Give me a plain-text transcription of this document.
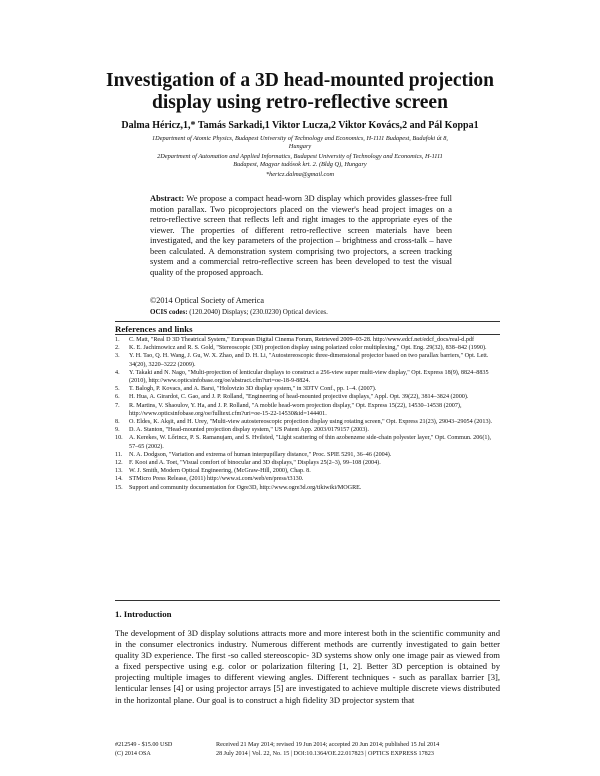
Investigation of a 3D head-mounted projection
display using retro-reflective screen
Dalma Héricz,1,* Tamás Sarkadi,1 Viktor Lucza,2 Viktor Kovács,2 and Pál Koppa1
1Department of Atomic Physics, Budapest University of Technology and Economics, H-1111 Budapest, Budafoki út 8,
Hungary
2Department of Automation and Applied Informatics, Budapest University of Technology and Economics, H-1111
Budapest, Magyar tudósok krt. 2. (Bldg Q), Hungary
*hericz.dalma@gmail.com
Abstract: We propose a compact head-worn 3D display which provides glasses-free full motion parallax. Two picoprojectors placed on the viewer's head project images on a retro-reflective screen that reflects left and right images to the appropriate eyes of the viewer. The properties of different retro-reflective screen materials have been investigated, and the key parameters of the projection – brightness and cross-talk – have been calculated. A demonstration system comprising two projectors, a screen tracking system and a commercial retro-reflective screen has been developed to test the visual quality of the proposed approach.
©2014 Optical Society of America
OCIS codes: (120.2040) Displays; (230.0230) Optical devices.
References and links
1. C. Matt, "Real D 3D Theatrical System," European Digital Cinema Forum, Retrieved 2009–03-28. http://www.edcf.net/edcf_docs/real-d.pdf
2. K. E. Jachimowicz and R. S. Gold, "Stereoscopic (3D) projection display using polarized color multiplexing," Opt. Eng. 29(32), 838–842 (1990).
3. Y. H. Tao, Q. H. Wang, J. Gu, W. X. Zhao, and D. H. Li, "Autostereoscopic three-dimensional projector based on two parallax barriers," Opt. Lett. 34(20), 3220–3222 (2009).
4. Y. Takaki and N. Nago, "Multi-projection of lenticular displays to construct a 256-view super multi-view display," Opt. Express 18(9), 8824–8835 (2010), http://www.opticsinfobase.org/oe/abstract.cfm?uri=oe-18-9-8824.
5. T. Balogh, P. Kovacs, and A. Barsi, "Holovizio 3D display system," in 3DTV Conf., pp. 1–4. (2007).
6. H. Hua, A. Girardot, C. Gao, and J. P. Rolland, "Engineering of head-mounted projective displays," Appl. Opt. 39(22), 3814–3824 (2000).
7. R. Martins, V. Shaoulov, Y. Ha, and J. P. Rolland, "A mobile head-worn projection display," Opt. Express 15(22), 14530–14538 (2007), http://www.opticsinfobase.org/oe/fulltext.cfm?uri=oe-15-22-14530&id=144401.
8. O. Eldes, K. Akşit, and H. Urey, "Multi-view autostereoscopic projection display using rotating screen," Opt. Express 21(23), 29043–29054 (2013).
9. D. A. Stanton, "Head-mounted projection display system," US Patent App. 2003/0179157 (2003).
10. A. Kerekes, W. Lőrincz, P. S. Ramanujam, and S. Hvilsted, "Light scattering of thin azobenzene side-chain polyester layer," Opt. Commun. 206(1), 57–65 (2002).
11. N. A. Dodgson, "Variation and extrema of human interpupillary distance," Proc. SPIE 5291, 36–46 (2004).
12. F. Kooi and A. Toet, "Visual comfort of binocular and 3D displays," Displays 25(2–3), 99–108 (2004).
13. W. J. Smith, Modern Optical Engineering, (McGraw-Hill, 2000), Chap. 8.
14. STMicro Press Release, (2011) http://www.st.com/web/en/press/t3130.
15. Support and community documentation for Ogre3D, http://www.ogre3d.org/tikiwiki/MOGRE.
1. Introduction
The development of 3D display solutions attracts more and more interest both in the scientific community and in the consumer electronics industry. Numerous different methods are currently investigated to gain better quality 3D experience. The first -so called stereoscopic- 3D systems show only one image pair as viewed from a fixed perspective using e.g. color or polarization filtering [1, 2]. Better 3D perception is obtained by projecting multiple images to different viewing angles. Different techniques - such as parallax barrier [3], lenticular lenses [4] or using projector arrays [5] are investigated to achieve multiple discrete views distributed in the horizontal plane. Our goal is to construct a high fidelity 3D projector system that
#212549 - $15.00 USD
(C) 2014 OSA
Received 21 May 2014; revised 19 Jun 2014; accepted 20 Jun 2014; published 15 Jul 2014
28 July 2014 | Vol. 22, No. 15 | DOI:10.1364/OE.22.017823 | OPTICS EXPRESS 17823
